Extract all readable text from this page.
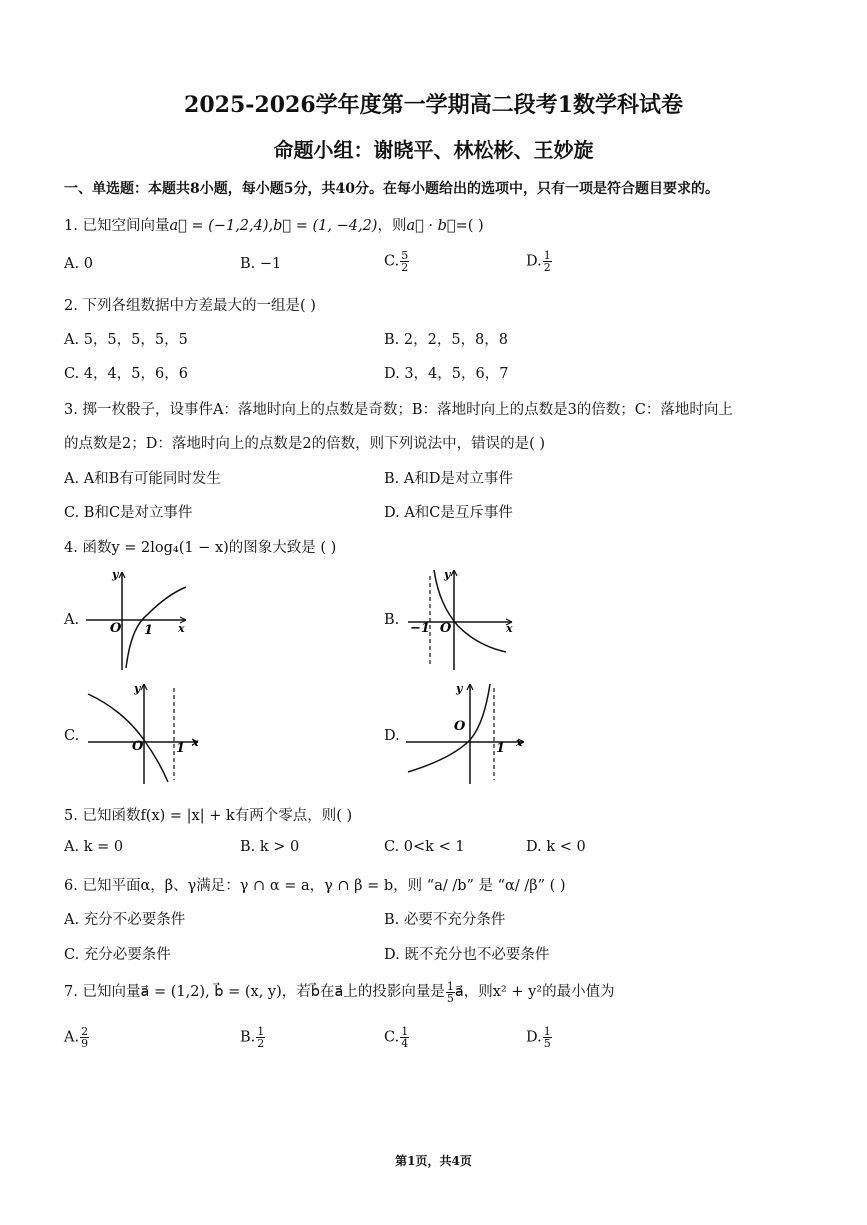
2025-2026学年度第一学期高二段考1数学科试卷
命题小组：谢晓平、林松彬、王妙旋
一、单选题：本题共8小题，每小题5分，共40分。在每小题给出的选项中，只有一项是符合题目要求的。
1. 已知空间向量a⃗ = (−1,2,4),b⃗ = (1, −4,2)，则a⃗ · b⃗=( )
A. 0	B. −1	C. $\frac{5}{2}$	D. $\frac{1}{2}$
2. 下列各组数据中方差最大的一组是( )
A. 5，5，5，5，5	B. 2，2，5，8，8
C. 4，4，5，6，6	D. 3，4，5，6，7
3. 掷一枚骰子，设事件A：落地时向上的点数是奇数；B：落地时向上的点数是3的倍数；C：落地时向上
的点数是2；D：落地时向上的点数是2的倍数，则下列说法中，错误的是( )
A. A和B有可能同时发生	B. A和D是对立事件
C. B和C是对立事件	D. A和C是互斥事件
4. 函数y = 2log₄(1 − x)的图象大致是 ( )
A.
y
x
O 1
B.
y
x
−1 O
C.
y
x
O	1
D.
y
x
O
1
5. 已知函数f(x) = |x| + k有两个零点，则( )
A. k = 0	B. k > 0	C. 0<k < 1	D. k < 0
6. 已知平面α，β、γ满足：γ ∩ α = a，γ ∩ β = b，则 “a/ /b” 是 “α/ /β” ( )
A. 充分不必要条件	B. 必要不充分条件
C. 充分必要条件	D. 既不充分也不必要条件
7. 已知向量a⃗ = (1,2), b⃗ = (x, y)，若b⃗在a⃗上的投影向量是 $\frac{1}{5}$ a⃗，则x² + y²的最小值为
A. $\frac{2}{9}$	B. $\frac{1}{2}$	C. $\frac{1}{4}$	D. $\frac{1}{5}$
第1页，共4页
